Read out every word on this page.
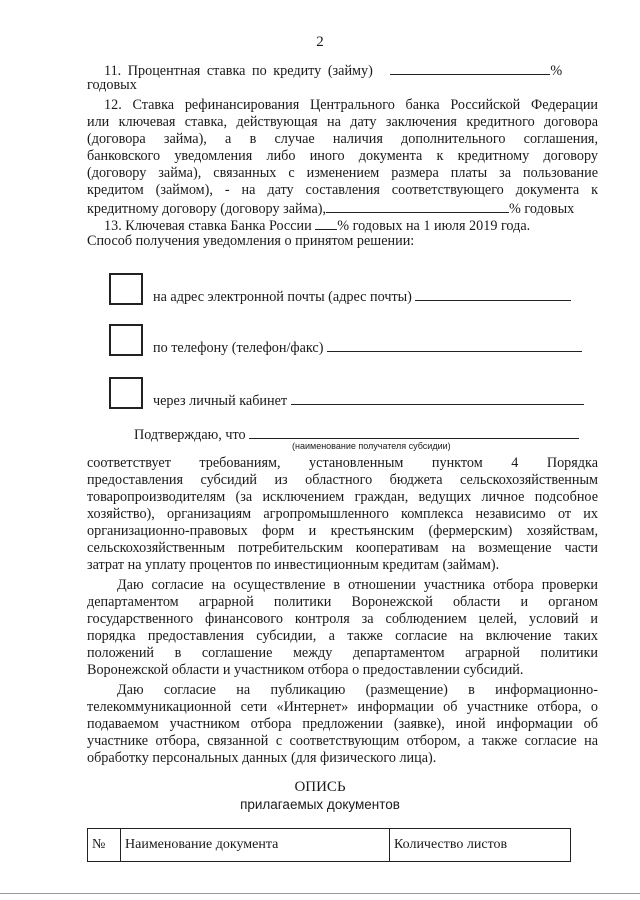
2
11. Процентная ставка по кредиту (займу)	%
годовых
12. Ставка рефинансирования Центрального банка Российской Федерации
или ключевая ставка, действующая на дату заключения кредитного договора
(договора займа), а в случае наличия дополнительного соглашения,
банковского уведомления либо иного документа к кредитному договору
(договору займа), связанных с изменением размера платы за пользование
кредитом (займом), - на дату составления соответствующего документа к
кредитному договору (договору займа),	% годовых
13. Ключевая ставка Банка России % годовых на 1 июля 2019 года.
Способ получения уведомления о принятом решении:
на адрес электронной почты (адрес почты)
по телефону (телефон/факс)
через личный кабинет
Подтверждаю, что
(наименование получателя субсидии)
соответствует требованиям, установленным пунктом 4 Порядка
предоставления субсидий из областного бюджета сельскохозяйственным
товаропроизводителям (за исключением граждан, ведущих личное подсобное
хозяйство), организациям агропромышленного комплекса независимо от их
организационно-правовых форм и крестьянским (фермерским) хозяйствам,
сельскохозяйственным потребительским кооперативам на возмещение части
затрат на уплату процентов по инвестиционным кредитам (займам).
Даю согласие на осуществление в отношении участника отбора проверки
департаментом аграрной политики Воронежской области и органом
государственного финансового контроля за соблюдением целей, условий и
порядка предоставления субсидии, а также согласие на включение таких
положений в соглашение между департаментом аграрной политики
Воронежской области и участником отбора о предоставлении субсидий.
Даю согласие на публикацию (размещение) в информационно-
телекоммуникационной сети «Интернет» информации об участнике отбора, о
подаваемом участником отбора предложении (заявке), иной информации об
участнике отбора, связанной с соответствующим отбором, а также согласие на
обработку персональных данных (для физического лица).
ОПИСЬ
прилагаемых документов
№	Наименование документа	Количество листов
